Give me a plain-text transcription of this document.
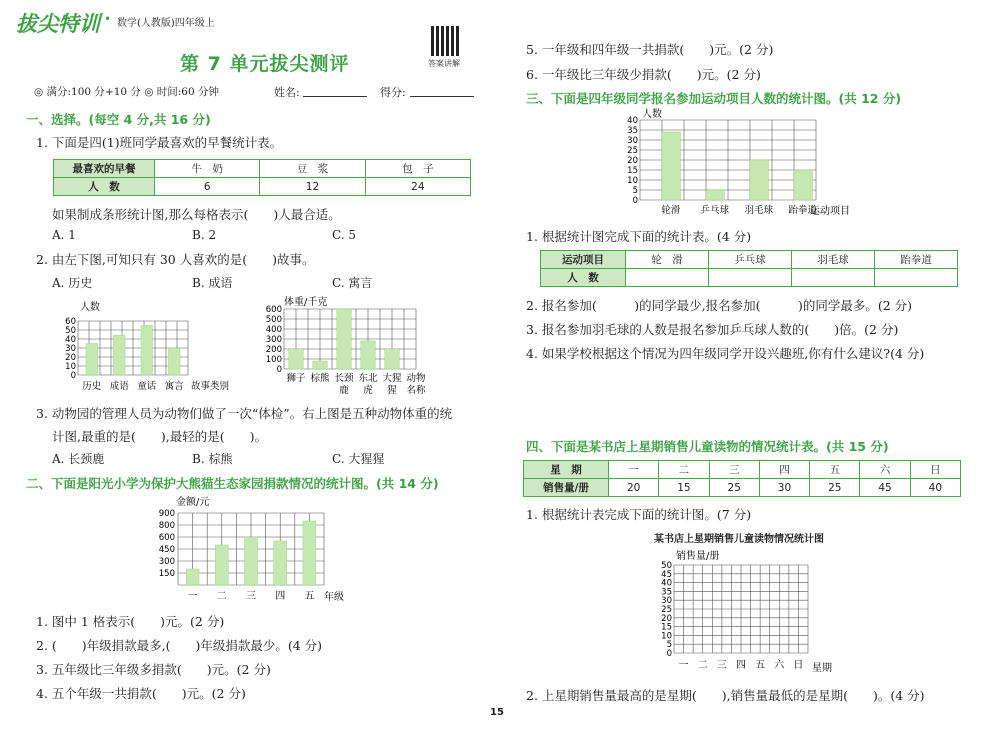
拔尖特训 • 数学(人教版)四年级上
第 7 单元拔尖测评	答案讲解
◎ 满分:100 分+10 分 ◎ 时间:60 分钟	姓名:	得分:
一、选择。(每空 4 分,共 16 分)
1. 下面是四(1)班同学最喜欢的早餐统计表。
最喜欢的早餐	牛　奶	豆　浆	包　子
人　数	6	12	24
如果制成条形统计图,那么每格表示(　　)人最合适。
A. 1	B. 2	C. 5
2. 由左下图,可知只有 30 人喜欢的是(　　)故事。
A. 历史	B. 成语	C. 寓言
人数
60
50
40
30
20
10
0
历史 成语 童话 寓言 故事类别
体重/千克
600
500
400
300
200
100
0
狮子 棕熊 长颈 东北 大猩 动物
鹿 虎 猩 名称
3. 动物园的管理人员为动物们做了一次“体检”。右上图是五种动物体重的统
计图,最重的是(　　),最轻的是(　　)。
A. 长颈鹿	B. 棕熊	C. 大猩猩
二、下面是阳光小学为保护大熊猫生态家园捐款情况的统计图。(共 14 分)
金额/元
900
800
600
450
300
150
一 二 三 四 五 年级
1. 图中 1 格表示(　　)元。(2 分)
2. (　　)年级捐款最多,(　　)年级捐款最少。(4 分)
3. 五年级比三年级多捐款(　　)元。(2 分)
4. 五个年级一共捐款(　　)元。(2 分)
5. 一年级和四年级一共捐款(　　)元。(2 分)
6. 一年级比三年级少捐款(　　)元。(2 分)
三、下面是四年级同学报名参加运动项目人数的统计图。(共 12 分)
人数
40
35
30
25
20
15
10
5
0
轮滑 乒乓球 羽毛球 跆拳道
运动项目
1. 根据统计图完成下面的统计表。(4 分)
运动项目	轮　滑	乒乓球	羽毛球	跆拳道
人　数				
2. 报名参加(　　　)的同学最少,报名参加(　　　)的同学最多。(2 分)
3. 报名参加羽毛球的人数是报名参加乒乓球人数的(　　)倍。(2 分)
4. 如果学校根据这个情况为四年级同学开设兴趣班,你有什么建议?(4 分)
四、下面是某书店上星期销售儿童读物的情况统计表。(共 15 分)
星　期	一	二	三	四	五	六	日
销售量/册	20	15	25	30	25	45	40
1. 根据统计表完成下面的统计图。(7 分)
某书店上星期销售儿童读物情况统计图
销售量/册
50
45
40
35
30
25
20
15
10
5
0
一 二 三 四 五 六 日 星期
2. 上星期销售量最高的是星期(　　),销售量最低的是星期(　　)。(4 分)
15
